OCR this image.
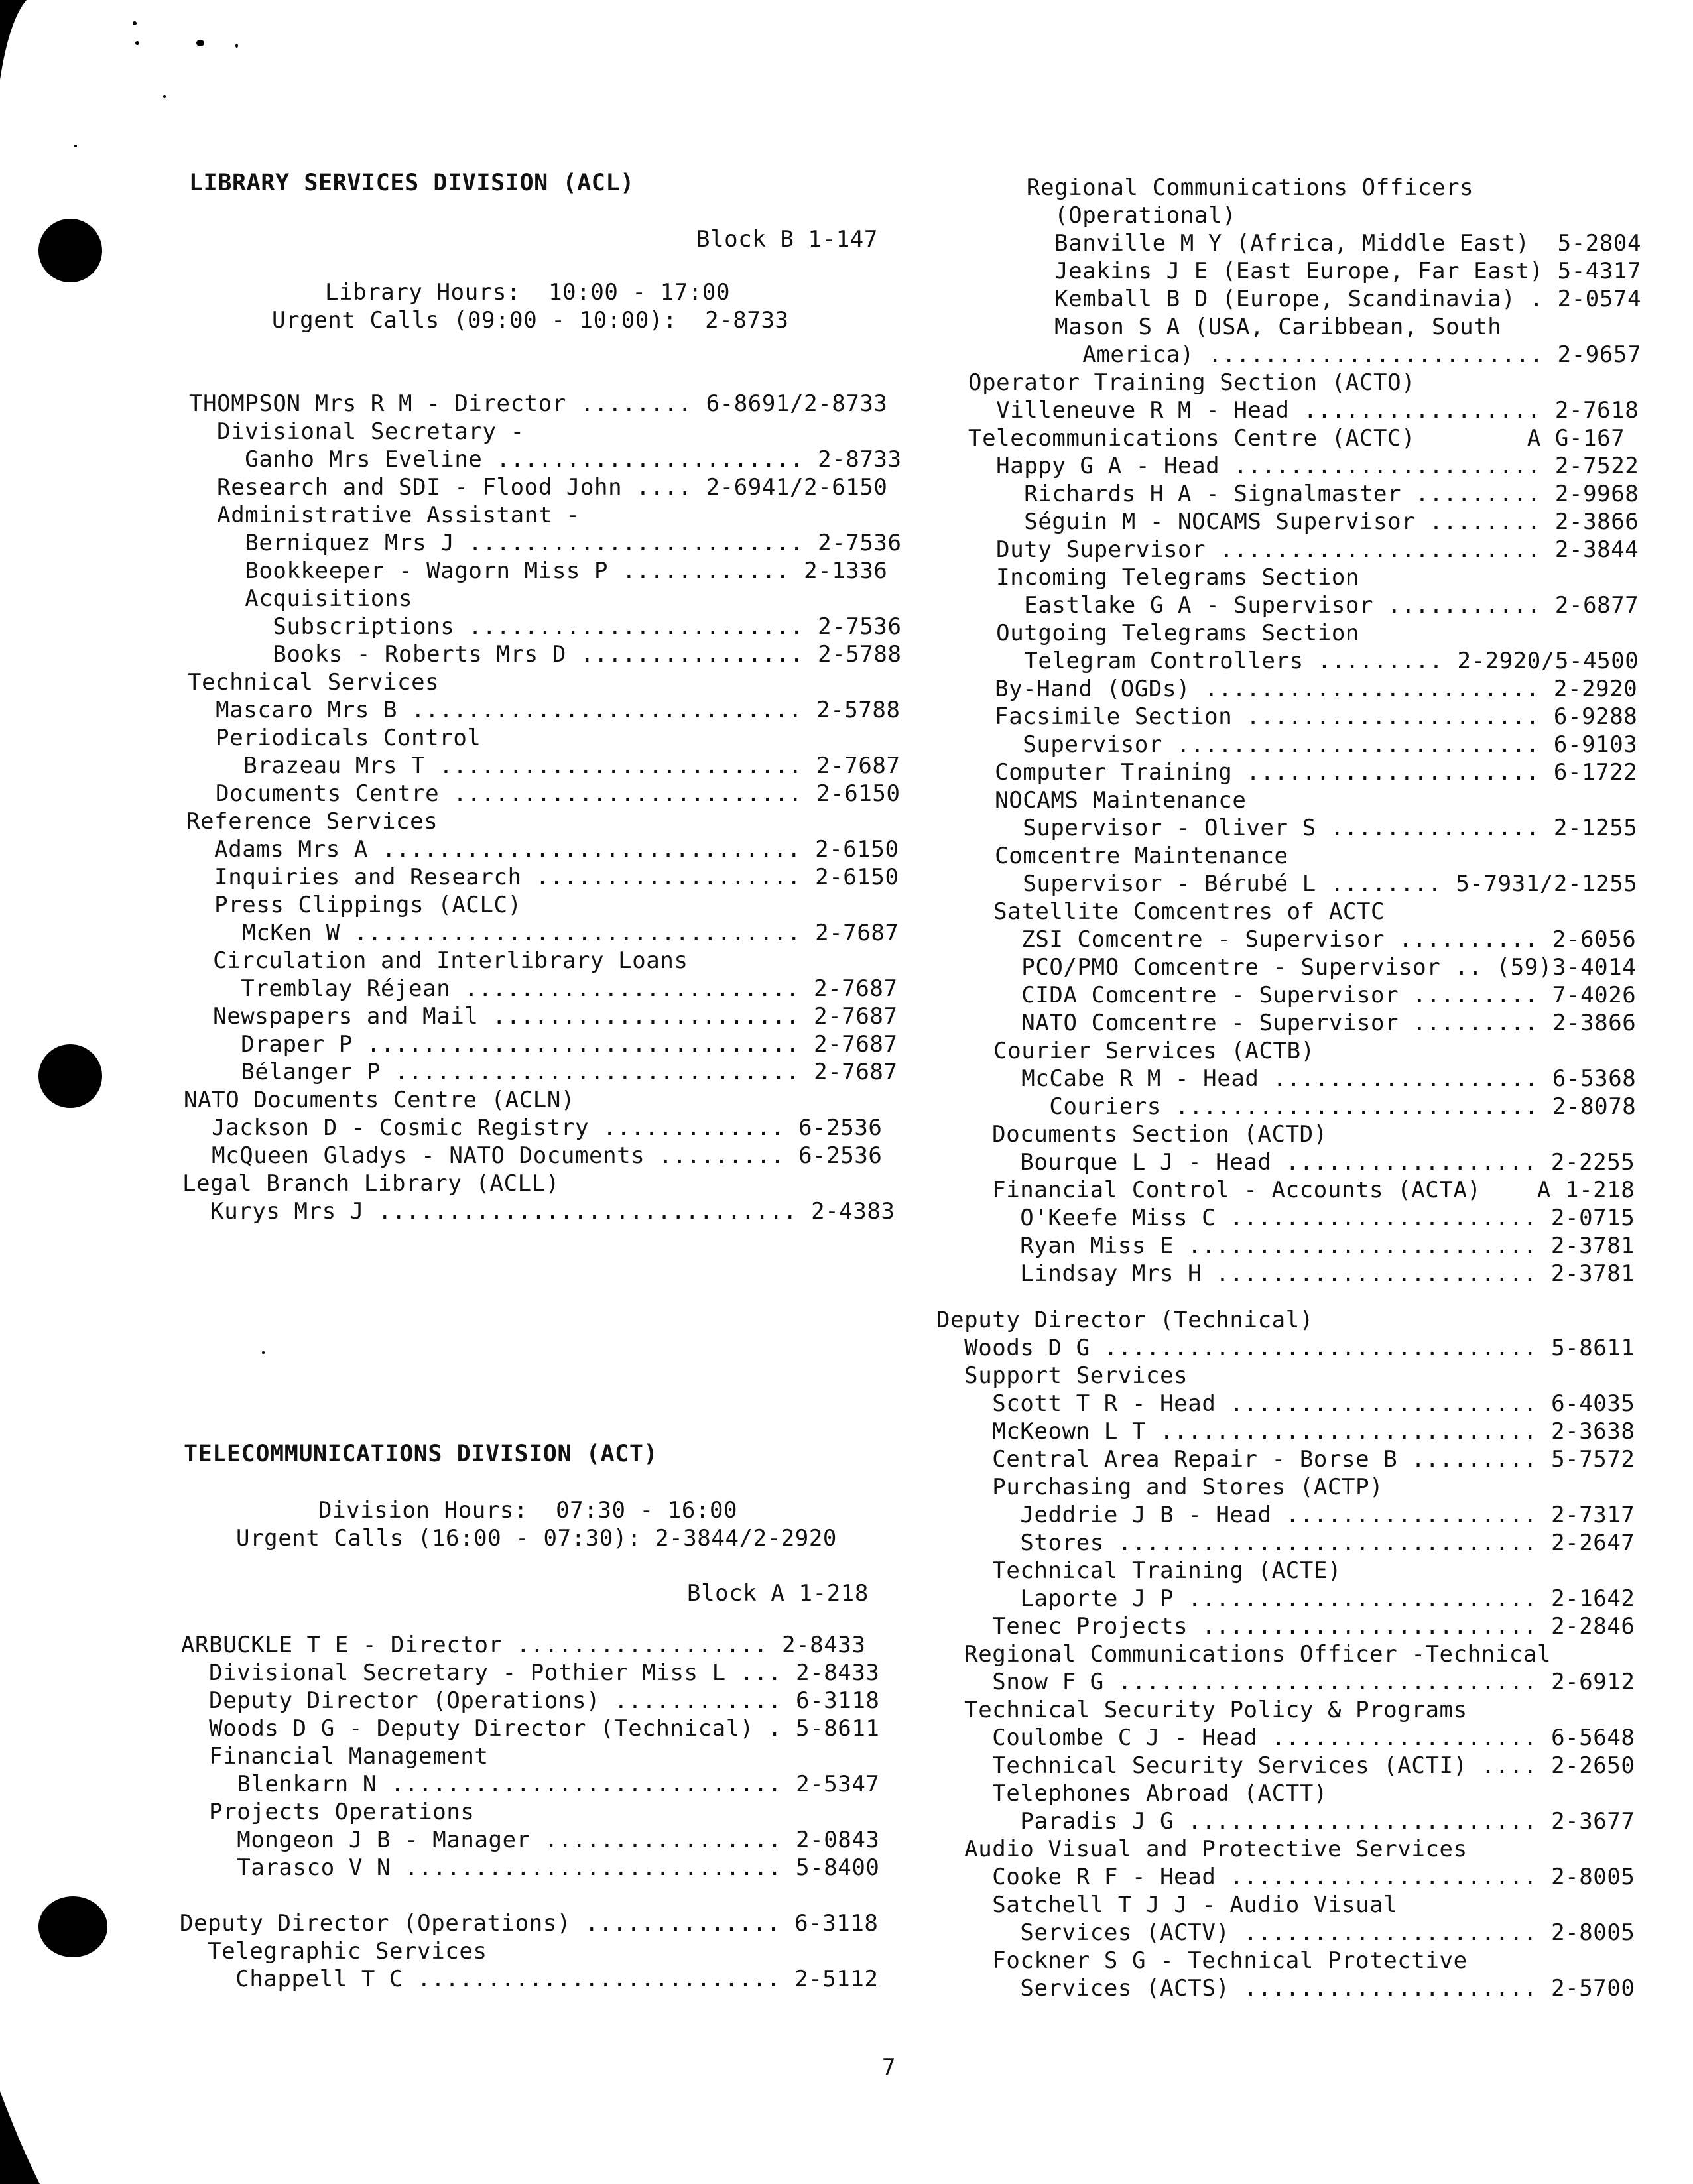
LIBRARY SERVICES DIVISION (ACL)
Block B 1-147
Library Hours:  10:00 - 17:00
Urgent Calls (09:00 - 10:00):  2-8733
THOMPSON Mrs R M - Director ........ 6-8691/2-8733
Divisional Secretary -
Ganho Mrs Eveline ...................... 2-8733
Research and SDI - Flood John .... 2-6941/2-6150
Administrative Assistant -
Berniquez Mrs J ........................ 2-7536
Bookkeeper - Wagorn Miss P ............ 2-1336
Acquisitions
Subscriptions ........................ 2-7536
Books - Roberts Mrs D ................ 2-5788
Technical Services
Mascaro Mrs B ............................ 2-5788
Periodicals Control
Brazeau Mrs T .......................... 2-7687
Documents Centre ......................... 2-6150
Reference Services
Adams Mrs A .............................. 2-6150
Inquiries and Research ................... 2-6150
Press Clippings (ACLC)
McKen W ................................ 2-7687
Circulation and Interlibrary Loans
Tremblay Réjean ........................ 2-7687
Newspapers and Mail ...................... 2-7687
Draper P ............................... 2-7687
Bélanger P ............................. 2-7687
NATO Documents Centre (ACLN)
Jackson D - Cosmic Registry ............. 6-2536
McQueen Gladys - NATO Documents ......... 6-2536
Legal Branch Library (ACLL)
Kurys Mrs J .............................. 2-4383
TELECOMMUNICATIONS DIVISION (ACT)
Division Hours:  07:30 - 16:00
Urgent Calls (16:00 - 07:30): 2-3844/2-2920
Block A 1-218
ARBUCKLE T E - Director .................. 2-8433
Divisional Secretary - Pothier Miss L ... 2-8433
Deputy Director (Operations) ............ 6-3118
Woods D G - Deputy Director (Technical) . 5-8611
Financial Management
Blenkarn N ............................ 2-5347
Projects Operations
Mongeon J B - Manager ................. 2-0843
Tarasco V N ........................... 5-8400
Deputy Director (Operations) .............. 6-3118
Telegraphic Services
Chappell T C .......................... 2-5112
Regional Communications Officers
(Operational)
Banville M Y (Africa, Middle East)  5-2804
Jeakins J E (East Europe, Far East) 5-4317
Kemball B D (Europe, Scandinavia) . 2-0574
Mason S A (USA, Caribbean, South
America) ........................ 2-9657
Operator Training Section (ACTO)
Villeneuve R M - Head ................. 2-7618
Telecommunications Centre (ACTC)        A G-167
Happy G A - Head ...................... 2-7522
Richards H A - Signalmaster ......... 2-9968
Séguin M - NOCAMS Supervisor ........ 2-3866
Duty Supervisor ....................... 2-3844
Incoming Telegrams Section
Eastlake G A - Supervisor ........... 2-6877
Outgoing Telegrams Section
Telegram Controllers ......... 2-2920/5-4500
By-Hand (OGDs) ........................ 2-2920
Facsimile Section ..................... 6-9288
Supervisor .......................... 6-9103
Computer Training ..................... 6-1722
NOCAMS Maintenance
Supervisor - Oliver S ............... 2-1255
Comcentre Maintenance
Supervisor - Bérubé L ........ 5-7931/2-1255
Satellite Comcentres of ACTC
ZSI Comcentre - Supervisor .......... 2-6056
PCO/PMO Comcentre - Supervisor .. (59)3-4014
CIDA Comcentre - Supervisor ......... 7-4026
NATO Comcentre - Supervisor ......... 2-3866
Courier Services (ACTB)
McCabe R M - Head ................... 6-5368
Couriers .......................... 2-8078
Documents Section (ACTD)
Bourque L J - Head .................. 2-2255
Financial Control - Accounts (ACTA)    A 1-218
O'Keefe Miss C ...................... 2-0715
Ryan Miss E ......................... 2-3781
Lindsay Mrs H ....................... 2-3781
Deputy Director (Technical)
Woods D G ............................... 5-8611
Support Services
Scott T R - Head ...................... 6-4035
McKeown L T ........................... 2-3638
Central Area Repair - Borse B ......... 5-7572
Purchasing and Stores (ACTP)
Jeddrie J B - Head .................. 2-7317
Stores .............................. 2-2647
Technical Training (ACTE)
Laporte J P ......................... 2-1642
Tenec Projects ........................ 2-2846
Regional Communications Officer -Technical
Snow F G .............................. 2-6912
Technical Security Policy & Programs
Coulombe C J - Head ................... 6-5648
Technical Security Services (ACTI) .... 2-2650
Telephones Abroad (ACTT)
Paradis J G ......................... 2-3677
Audio Visual and Protective Services
Cooke R F - Head ...................... 2-8005
Satchell T J J - Audio Visual
Services (ACTV) ..................... 2-8005
Fockner S G - Technical Protective
Services (ACTS) ..................... 2-5700
7
